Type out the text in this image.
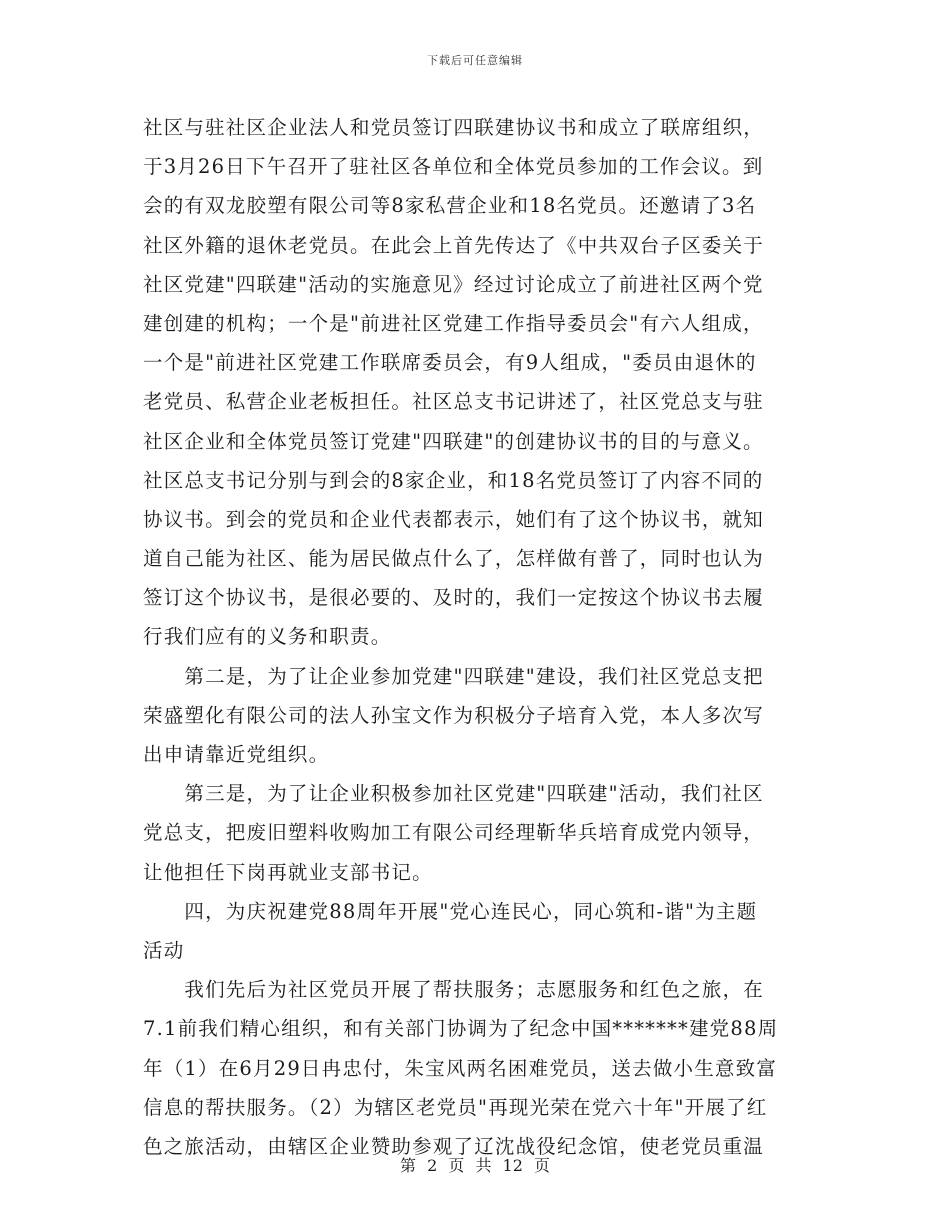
下载后可任意编辑
社区与驻社区企业法人和党员签订四联建协议书和成立了联席组织，
于3月26日下午召开了驻社区各单位和全体党员参加的工作会议。到
会的有双龙胶塑有限公司等8家私营企业和18名党员。还邀请了3名
社区外籍的退休老党员。在此会上首先传达了《中共双台子区委关于
社区党建"四联建"活动的实施意见》经过讨论成立了前进社区两个党
建创建的机构；一个是"前进社区党建工作指导委员会"有六人组成，
一个是"前进社区党建工作联席委员会，有9人组成，"委员由退休的
老党员、私营企业老板担任。社区总支书记讲述了，社区党总支与驻
社区企业和全体党员签订党建"四联建"的创建协议书的目的与意义。
社区总支书记分别与到会的8家企业，和18名党员签订了内容不同的
协议书。到会的党员和企业代表都表示，她们有了这个协议书，就知
道自己能为社区、能为居民做点什么了，怎样做有普了，同时也认为
签订这个协议书，是很必要的、及时的，我们一定按这个协议书去履
行我们应有的义务和职责。
　　第二是，为了让企业参加党建"四联建"建设，我们社区党总支把
荣盛塑化有限公司的法人孙宝文作为积极分子培育入党，本人多次写
出申请靠近党组织。
　　第三是，为了让企业积极参加社区党建"四联建"活动，我们社区
党总支，把废旧塑料收购加工有限公司经理靳华兵培育成党内领导，
让他担任下岗再就业支部书记。
　　四，为庆祝建党88周年开展"党心连民心，同心筑和-谐"为主题
活动
　　我们先后为社区党员开展了帮扶服务；志愿服务和红色之旅，在
7.1前我们精心组织，和有关部门协调为了纪念中国*******建党88周
年（1）在6月29日冉忠付，朱宝风两名困难党员，送去做小生意致富
信息的帮扶服务。（2）为辖区老党员"再现光荣在党六十年"开展了红
色之旅活动，由辖区企业赞助参观了辽沈战役纪念馆，使老党员重温
第 2 页 共 12 页
